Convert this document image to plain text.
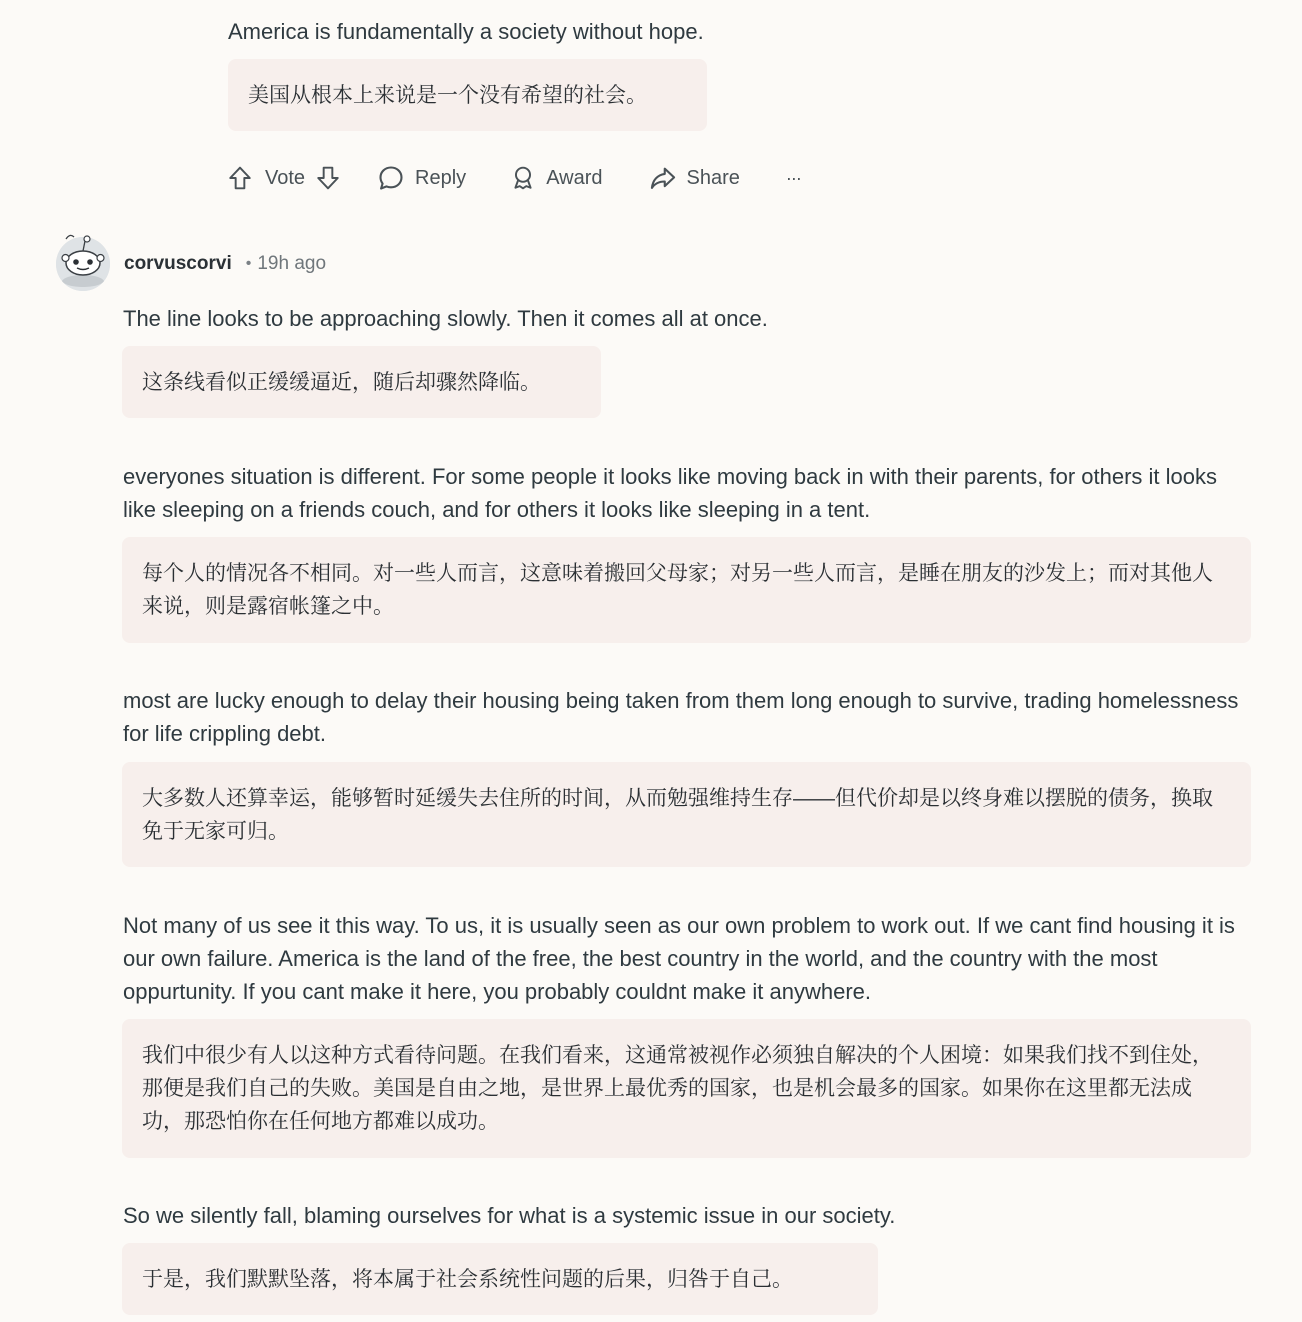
America is fundamentally a society without hope.

美国从根本上来说是一个没有希望的社会。
Vote	Reply	Award	Share	···
corvuscorvi • 19h ago

The line looks to be approaching slowly. Then it comes all at once.

这条线看似正缓缓逼近，随后却骤然降临。

everyones situation is different. For some people it looks like moving back in with their parents, for others it looks like sleeping on a friends couch, and for others it looks like sleeping in a tent.

每个人的情况各不相同。对一些人而言，这意味着搬回父母家；对另一些人而言，是睡在朋友的沙发上；而对其他人来说，则是露宿帐篷之中。

most are lucky enough to delay their housing being taken from them long enough to survive, trading homelessness for life crippling debt.

大多数人还算幸运，能够暂时延缓失去住所的时间，从而勉强维持生存——但代价却是以终身难以摆脱的债务，换取免于无家可归。

Not many of us see it this way. To us, it is usually seen as our own problem to work out. If we cant find housing it is our own failure. America is the land of the free, the best country in the world, and the country with the most oppurtunity. If you cant make it here, you probably couldnt make it anywhere.

我们中很少有人以这种方式看待问题。在我们看来，这通常被视作必须独自解决的个人困境：如果我们找不到住处，那便是我们自己的失败。美国是自由之地，是世界上最优秀的国家，也是机会最多的国家。如果你在这里都无法成功，那恐怕你在任何地方都难以成功。

So we silently fall, blaming ourselves for what is a systemic issue in our society.

于是，我们默默坠落，将本属于社会系统性问题的后果，归咎于自己。
